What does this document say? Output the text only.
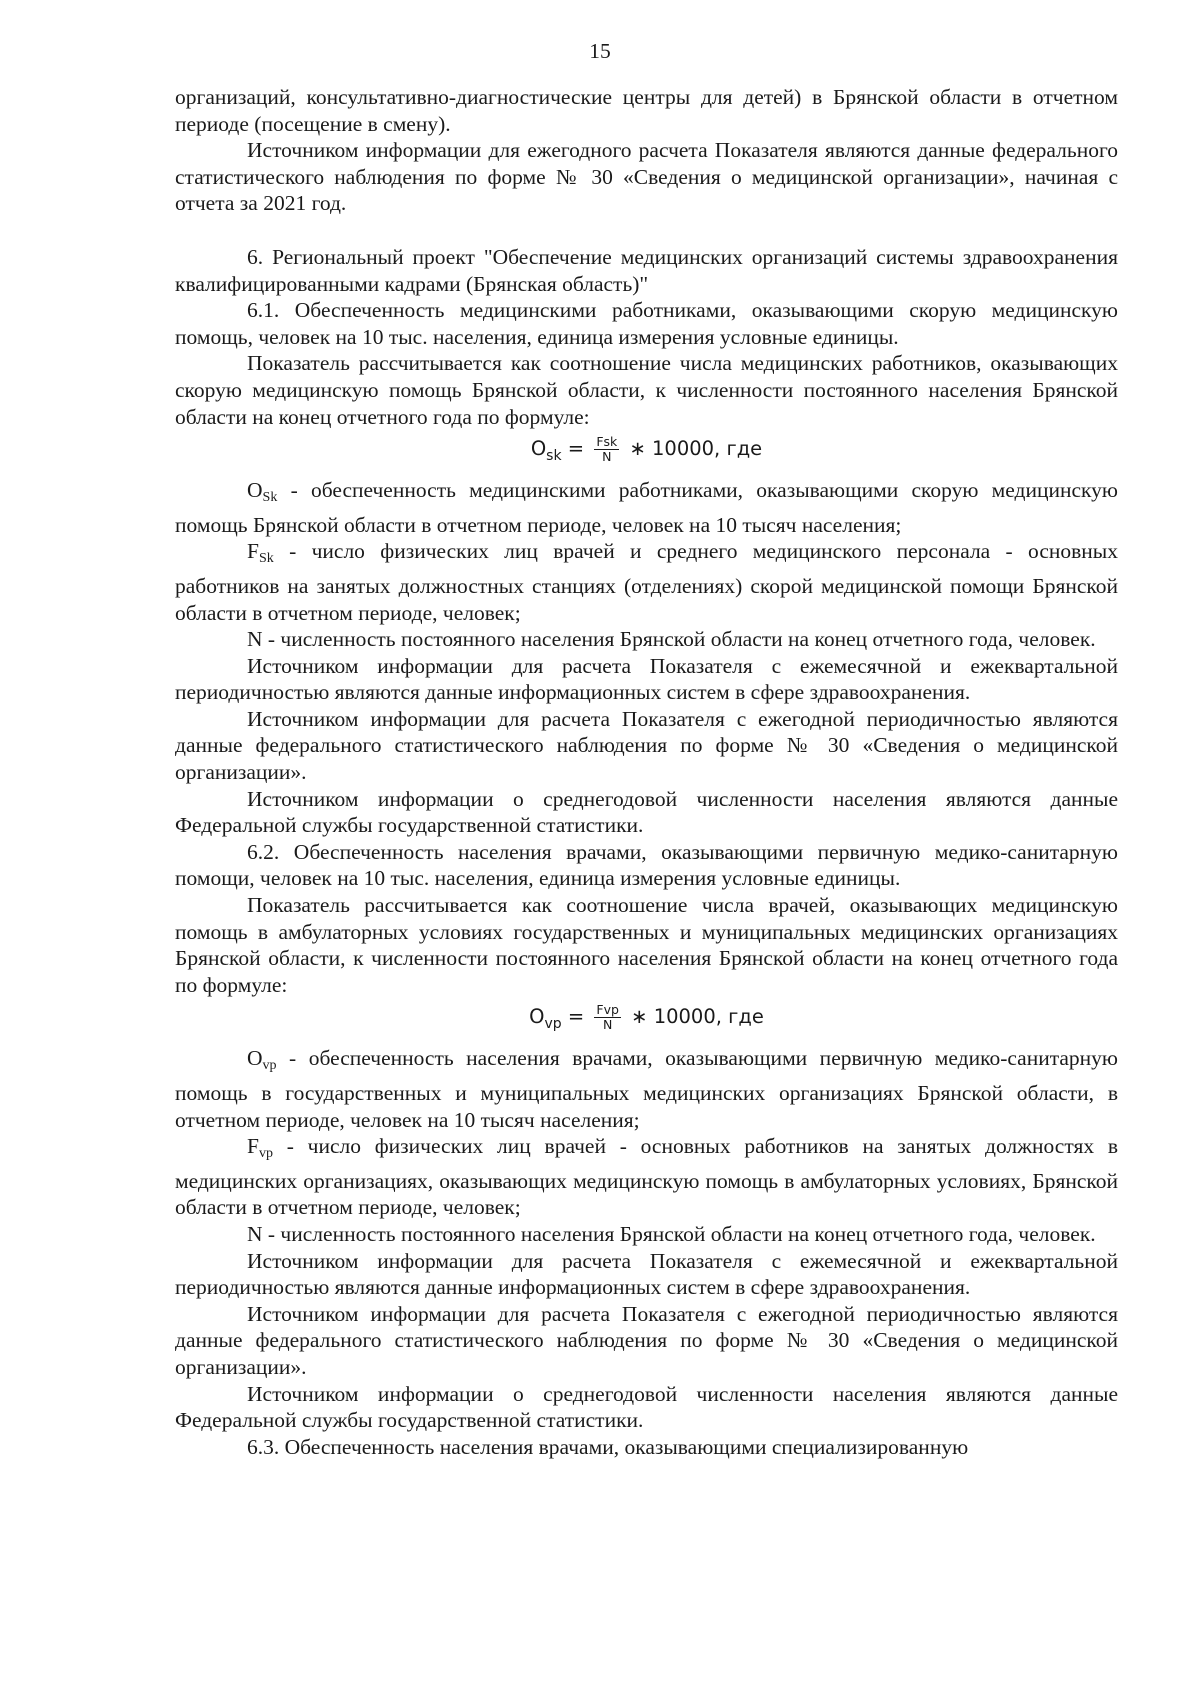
15

организаций, консультативно-диагностические центры для детей) в Брянской области в отчетном периоде (посещение в смену).

Источником информации для ежегодного расчета Показателя являются данные федерального статистического наблюдения по форме № 30 «Сведения о медицинской организации», начиная с отчета за 2021 год.

6. Региональный проект "Обеспечение медицинских организаций системы здравоохранения квалифицированными кадрами (Брянская область)"

6.1. Обеспеченность медицинскими работниками, оказывающими скорую медицинскую помощь, человек на 10 тыс. населения, единица измерения условные единицы.

Показатель рассчитывается как соотношение числа медицинских работников, оказывающих скорую медицинскую помощь Брянской области, к численности постоянного населения Брянской области на конец отчетного года по формуле:

$O_{sk} = \frac{\text{Fsk}}{N}$ ∗ 10000, где

$O_{Sk}$ - обеспеченность медицинскими работниками, оказывающими скорую медицинскую помощь Брянской области в отчетном периоде, человек на 10 тысяч населения;

$F_{Sk}$ - число физических лиц врачей и среднего медицинского персонала - основных работников на занятых должностных станциях (отделениях) скорой медицинской помощи Брянской области в отчетном периоде, человек;

N - численность постоянного населения Брянской области на конец отчетного года, человек.

Источником информации для расчета Показателя с ежемесячной и ежеквартальной периодичностью являются данные информационных систем в сфере здравоохранения.

Источником информации для расчета Показателя с ежегодной периодичностью являются данные федерального статистического наблюдения по форме № 30 «Сведения о медицинской организации».

Источником информации о среднегодовой численности населения являются данные Федеральной службы государственной статистики.

6.2. Обеспеченность населения врачами, оказывающими первичную медико-санитарную помощи, человек на 10 тыс. населения, единица измерения условные единицы.

Показатель рассчитывается как соотношение числа врачей, оказывающих медицинскую помощь в амбулаторных условиях государственных и муниципальных медицинских организациях Брянской области, к численности постоянного населения Брянской области на конец отчетного года по формуле:

$O_{vp} = \frac{\text{Fvp}}{N}$ ∗ 10000, где

$O_{vp}$ - обеспеченность населения врачами, оказывающими первичную медико-санитарную помощь в государственных и муниципальных медицинских организациях Брянской области, в отчетном периоде, человек на 10 тысяч населения;

$F_{vp}$ - число физических лиц врачей - основных работников на занятых должностях в медицинских организациях, оказывающих медицинскую помощь в амбулаторных условиях, Брянской области в отчетном периоде, человек;

N - численность постоянного населения Брянской области на конец отчетного года, человек.

Источником информации для расчета Показателя с ежемесячной и ежеквартальной периодичностью являются данные информационных систем в сфере здравоохранения.

Источником информации для расчета Показателя с ежегодной периодичностью являются данные федерального статистического наблюдения по форме № 30 «Сведения о медицинской организации».

Источником информации о среднегодовой численности населения являются данные Федеральной службы государственной статистики.

6.3. Обеспеченность населения врачами, оказывающими специализированную
